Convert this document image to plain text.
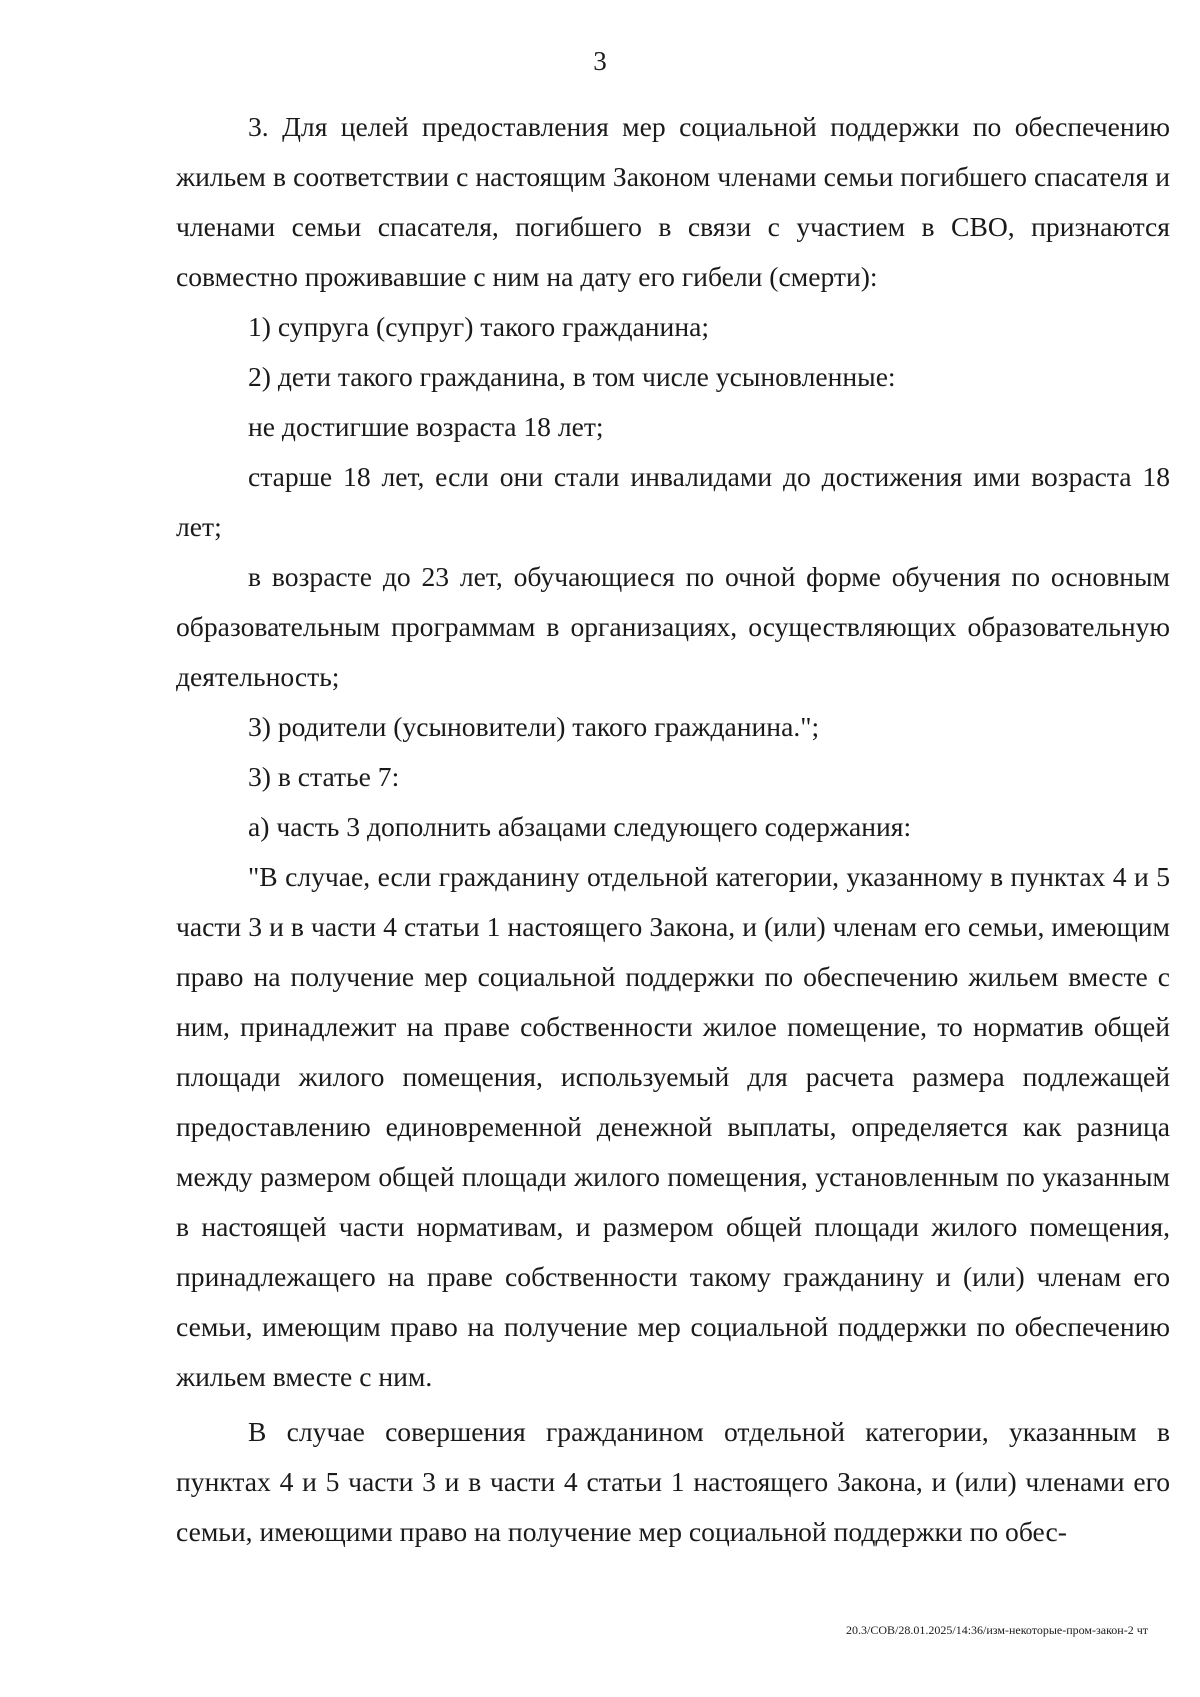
3

3. Для целей предоставления мер социальной поддержки по обеспечению жильем в соответствии с настоящим Законом членами семьи погибшего спасателя и членами семьи спасателя, погибшего в связи с участием в СВО, признаются совместно проживавшие с ним на дату его гибели (смерти):

1) супруга (супруг) такого гражданина;

2) дети такого гражданина, в том числе усыновленные:

не достигшие возраста 18 лет;

старше 18 лет, если они стали инвалидами до достижения ими возраста 18 лет;

в возрасте до 23 лет, обучающиеся по очной форме обучения по основным образовательным программам в организациях, осуществляющих образовательную деятельность;

3) родители (усыновители) такого гражданина.";

3) в статье 7:

а) часть 3 дополнить абзацами следующего содержания:

"В случае, если гражданину отдельной категории, указанному в пунктах 4 и 5 части 3 и в части 4 статьи 1 настоящего Закона, и (или) членам его семьи, имеющим право на получение мер социальной поддержки по обеспечению жильем вместе с ним, принадлежит на праве собственности жилое помещение, то норматив общей площади жилого помещения, используемый для расчета размера подлежащей предоставлению единовременной денежной выплаты, определяется как разница между размером общей площади жилого помещения, установленным по указанным в настоящей части нормативам, и размером общей площади жилого помещения, принадлежащего на праве собственности такому гражданину и (или) членам его семьи, имеющим право на получение мер социальной поддержки по обеспечению жильем вместе с ним.

В случае совершения гражданином отдельной категории, указанным в пунктах 4 и 5 части 3 и в части 4 статьи 1 настоящего Закона, и (или) членами его семьи, имеющими право на получение мер социальной поддержки по обес-

20.3/СОВ/28.01.2025/14:36/изм-некоторые-пром-закон-2 чт
